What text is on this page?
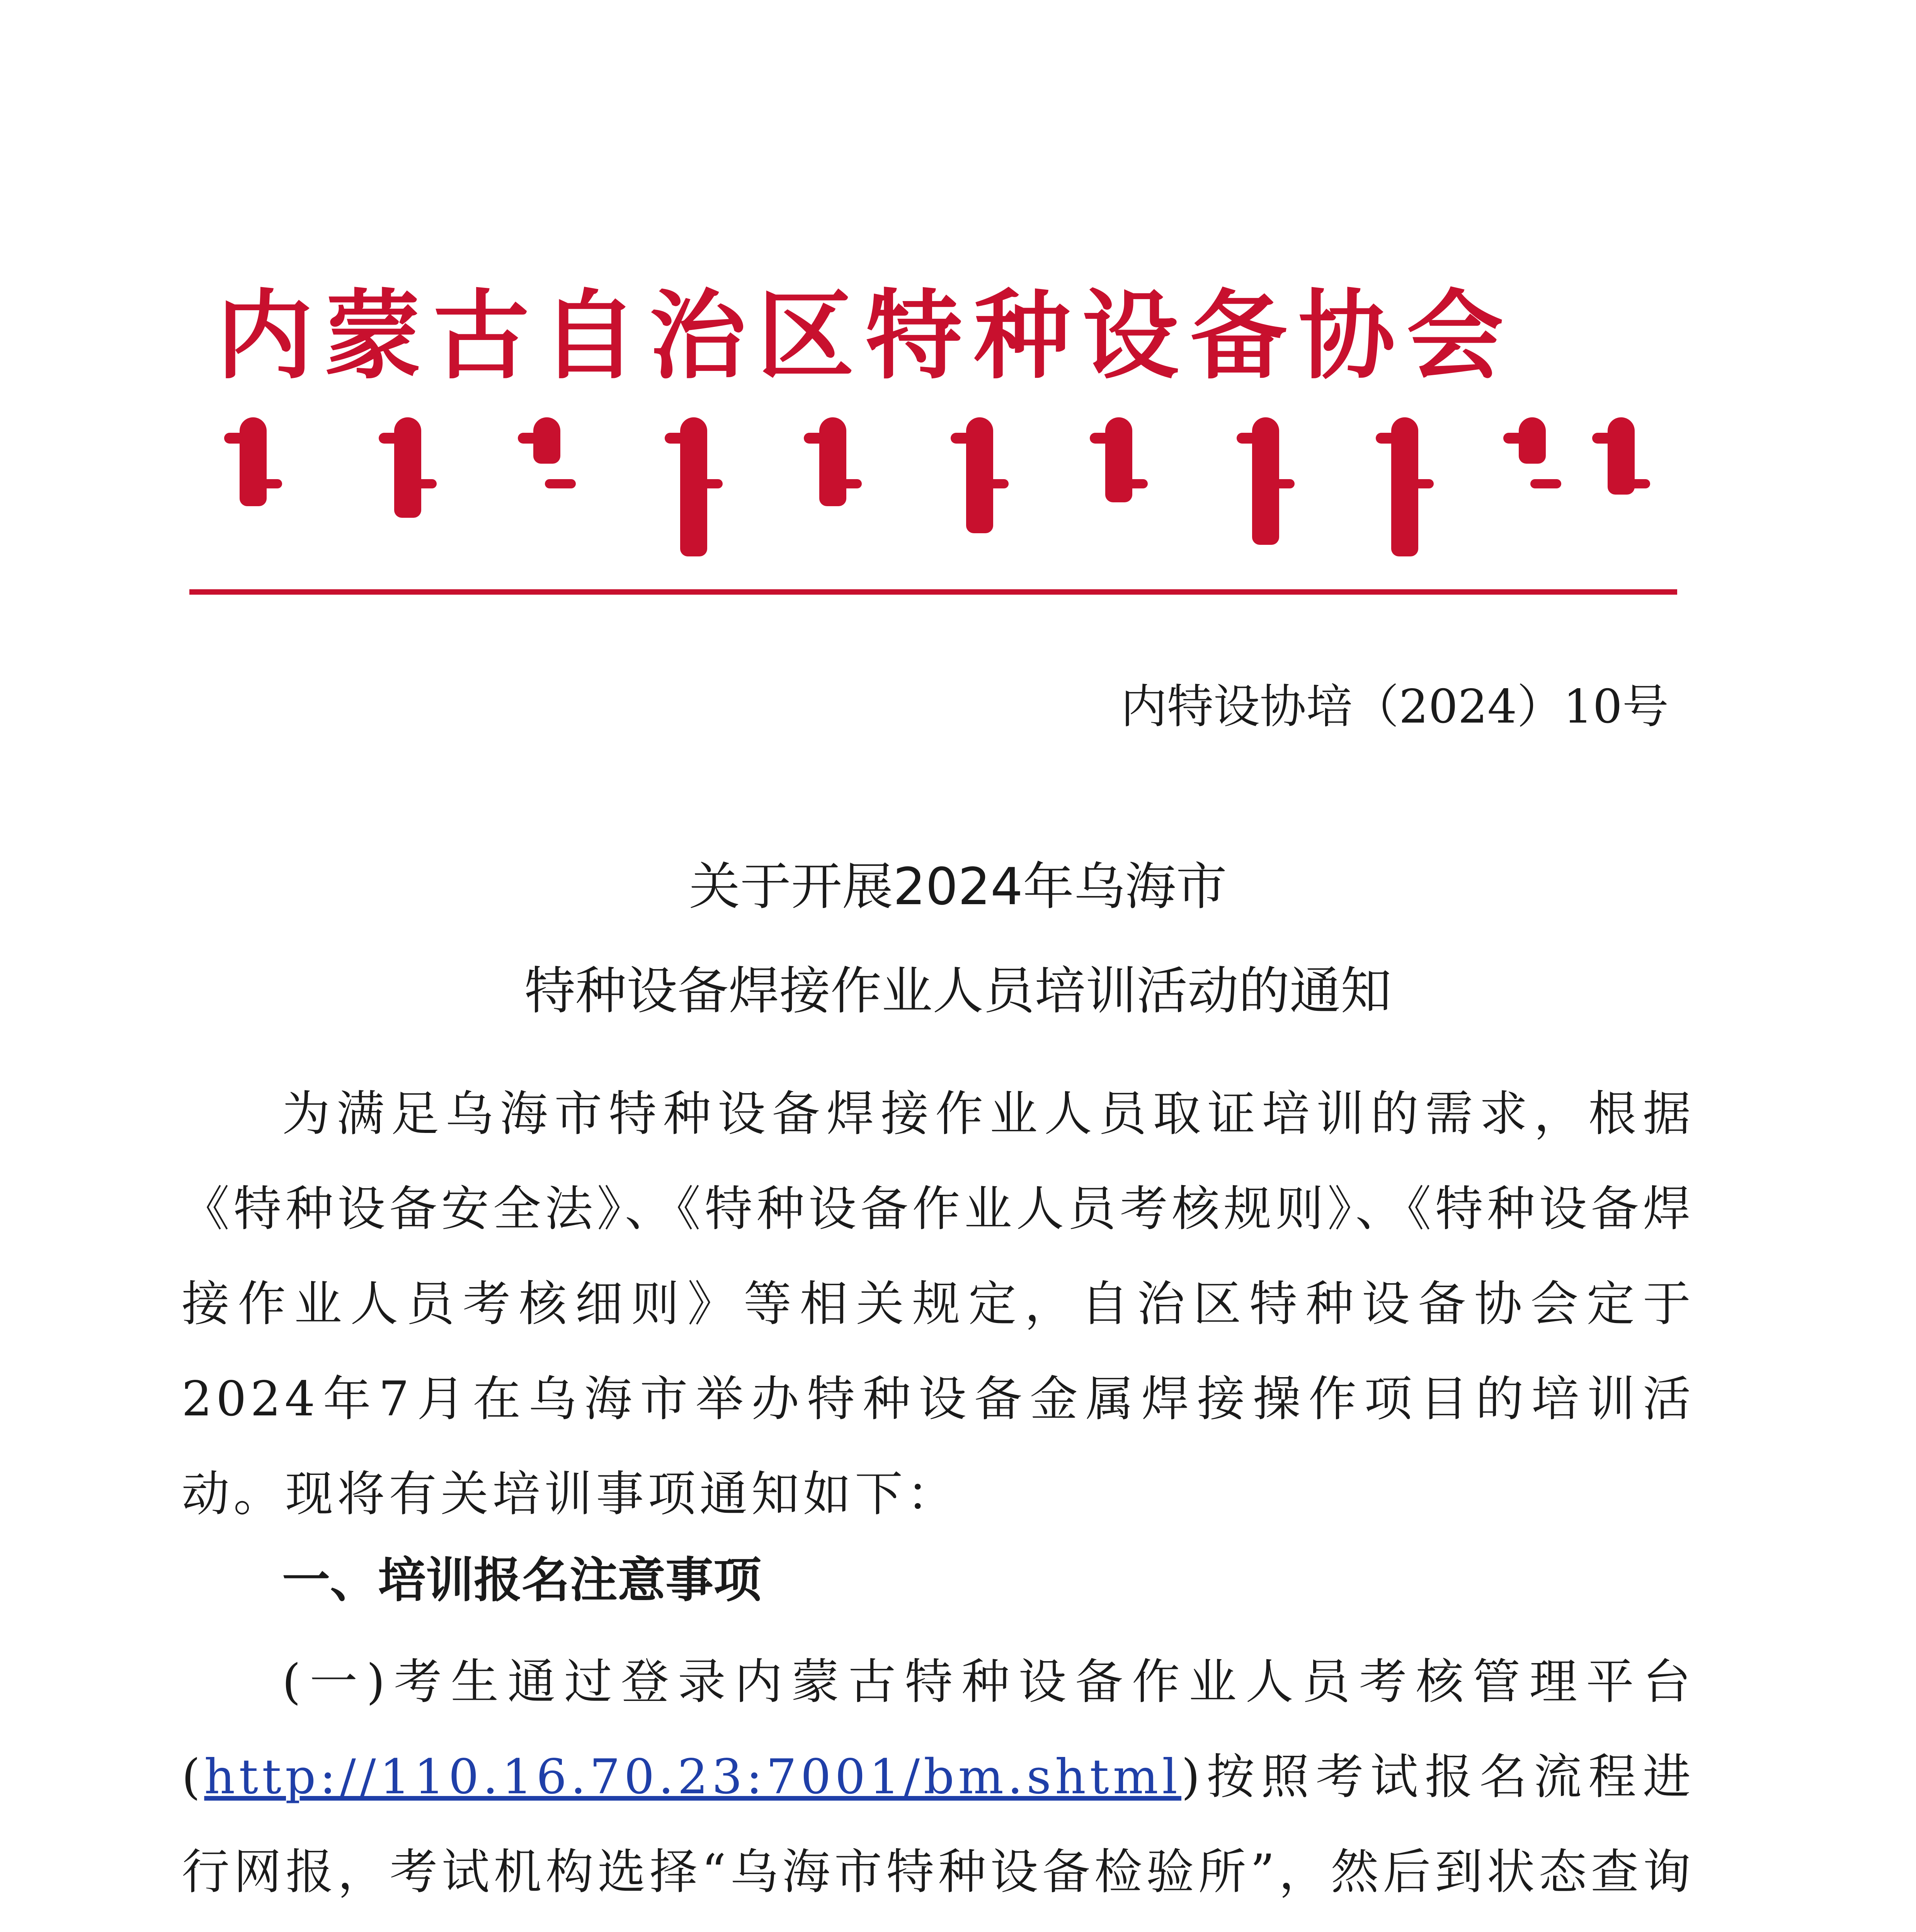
内蒙古自治区特种设备协会
内特设协培（2024）10号
关于开展2024年乌海市
特种设备焊接作业人员培训活动的通知

为满足乌海市特种设备焊接作业人员取证培训的需求，根据《特种设备安全法》、《特种设备作业人员考核规则》、《特种设备焊接作业人员考核细则》等相关规定，自治区特种设备协会定于2024年7月在乌海市举办特种设备金属焊接操作项目的培训活动。现将有关培训事项通知如下：

一、培训报名注意事项

(一)考生通过登录内蒙古特种设备作业人员考核管理平台(http://110.16.70.23:7001/bm.shtml)按照考试报名流程进行网报，考试机构选择“乌海市特种设备检验所”，然后到状态查询
